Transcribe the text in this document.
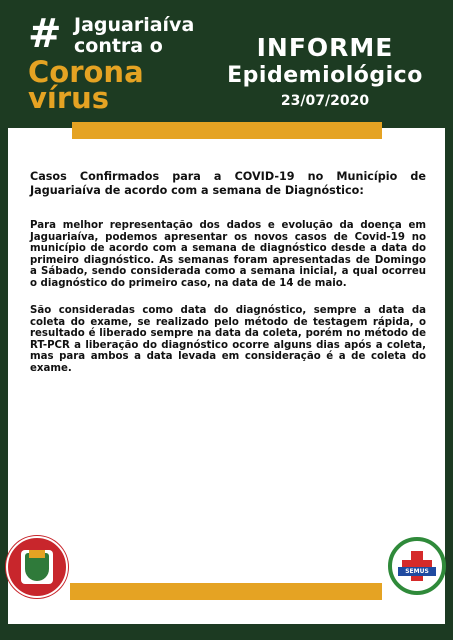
# Jaguariaíva
contra o
Corona
vírus
INFORME
Epidemiológico
23/07/2020
Casos Confirmados para a COVID-19 no Município de Jaguariaíva de acordo com a semana de Diagnóstico:
Para melhor representação dos dados e evolução da doença em Jaguariaíva, podemos apresentar os novos casos de Covid-19 no município de acordo com a semana de diagnóstico desde a data do primeiro diagnóstico. As semanas foram apresentadas de Domingo a Sábado, sendo considerada como a semana inicial, a qual ocorreu o diagnóstico do primeiro caso, na data de 14 de maio.
São consideradas como data do diagnóstico, sempre a data da coleta do exame, se realizado pelo método de testagem rápida, o resultado é liberado sempre na data da coleta, porém no método de RT-PCR a liberação do diagnóstico ocorre alguns dias após a coleta, mas para ambos a data levada em consideração é a de coleta do exame.
SEMUS
